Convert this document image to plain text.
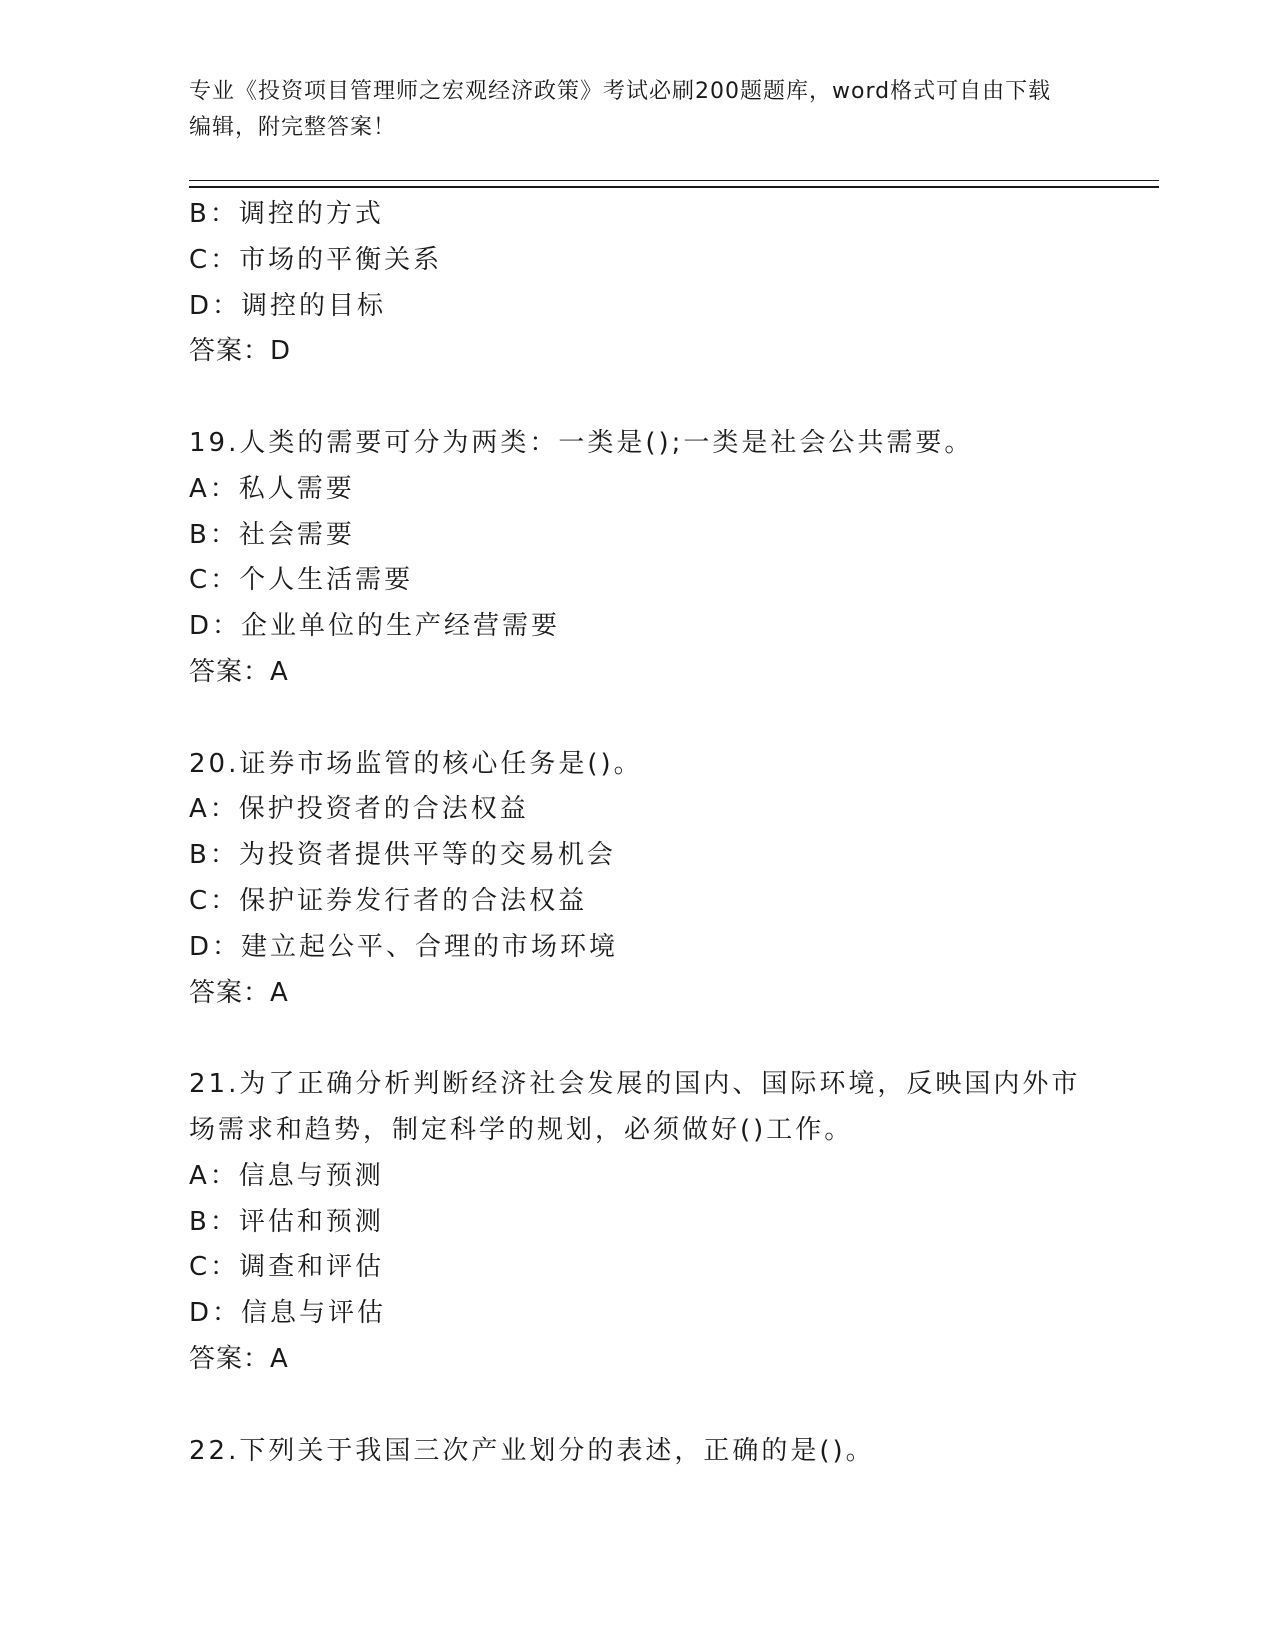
专业《投资项目管理师之宏观经济政策》考试必刷200题题库，word格式可自由下载编辑，附完整答案！
B：调控的方式
C：市场的平衡关系
D：调控的目标
答案：D
19.人类的需要可分为两类：一类是();一类是社会公共需要。
A：私人需要
B：社会需要
C：个人生活需要
D：企业单位的生产经营需要
答案：A
20.证券市场监管的核心任务是()。
A：保护投资者的合法权益
B：为投资者提供平等的交易机会
C：保护证券发行者的合法权益
D：建立起公平、合理的市场环境
答案：A
21.为了正确分析判断经济社会发展的国内、国际环境，反映国内外市场需求和趋势，制定科学的规划，必须做好()工作。
A：信息与预测
B：评估和预测
C：调查和评估
D：信息与评估
答案：A
22.下列关于我国三次产业划分的表述，正确的是()。
